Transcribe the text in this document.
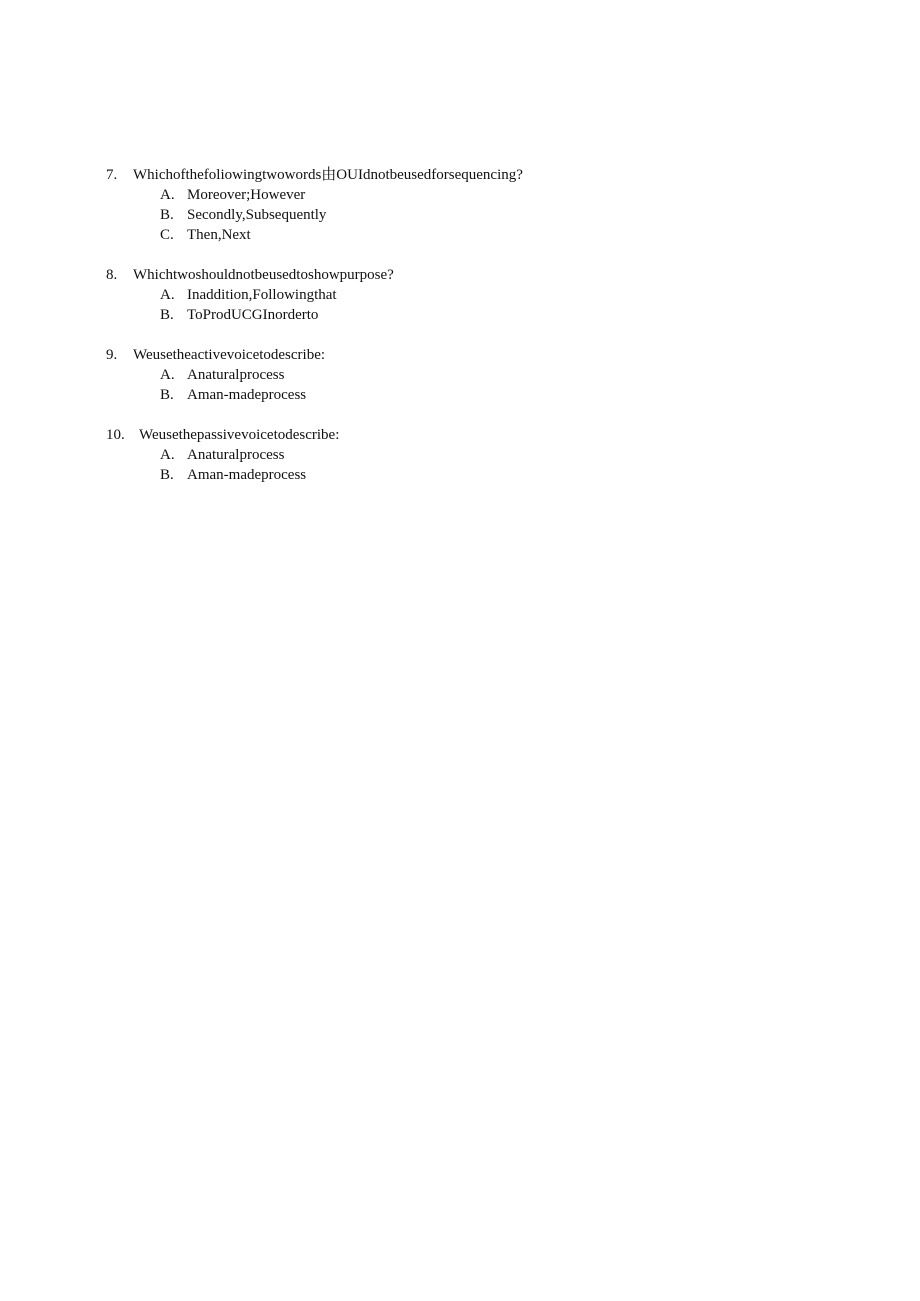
7.	Whichofthefoliowingtwowords由OUIdnotbeusedforsequencing?
A. Moreover;However
B. Secondly,Subsequently
C. Then,Next
8.	Whichtwoshouldnotbeusedtoshowpurpose?
A. Inaddition,Followingthat
B. ToProdUCGInorderto
9.	Weusetheactivevoicetodescribe:
A. Anaturalprocess
B. Aman-madeprocess
10. Weusethepassivevoicetodescribe:
A. Anaturalprocess
B. Aman-madeprocess
